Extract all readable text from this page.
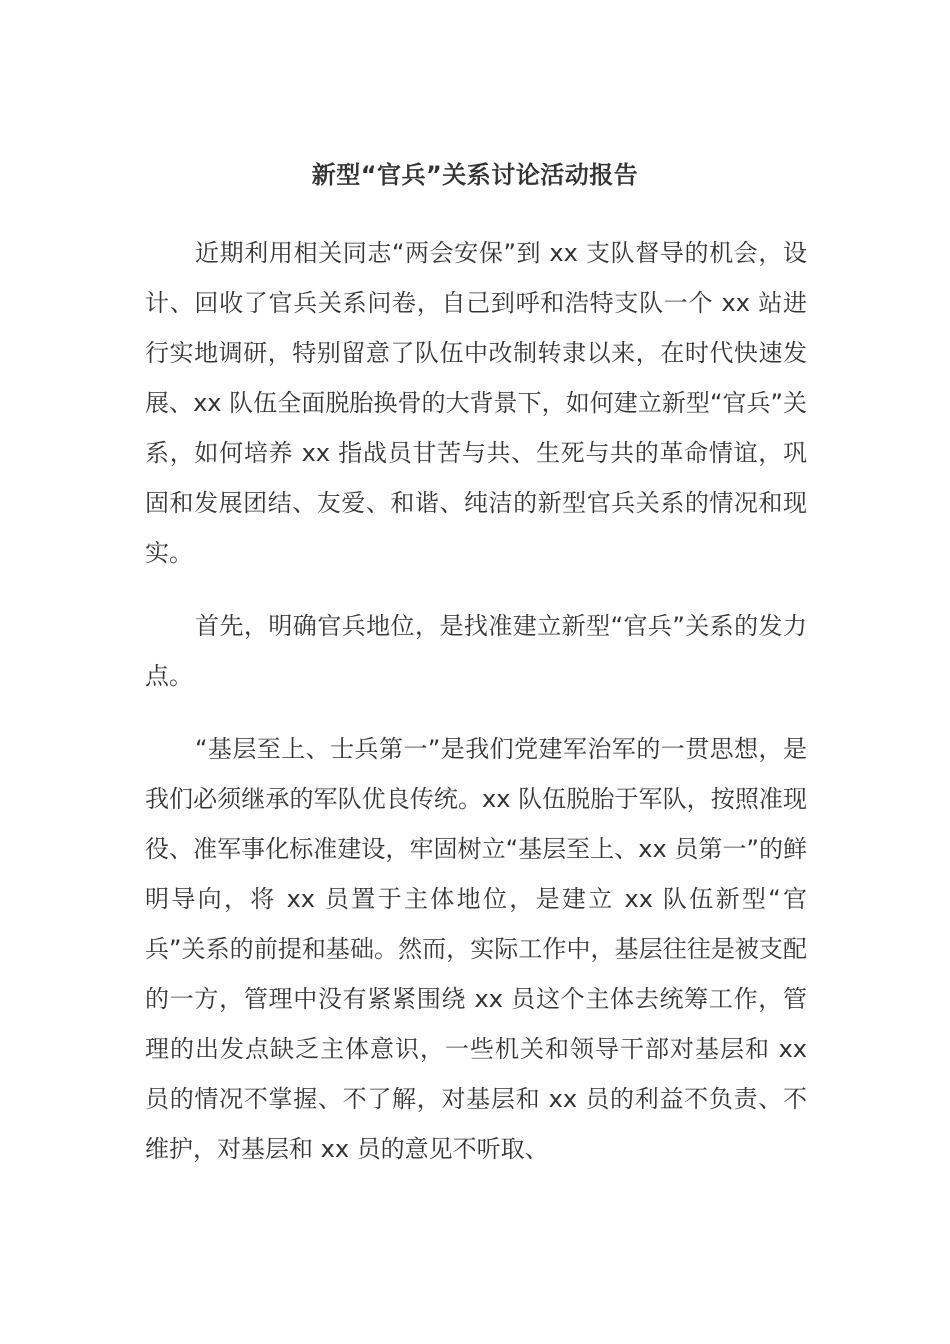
新型“官兵”关系讨论活动报告

近期利用相关同志“两会安保”到 xx 支队督导的机会，设计、回收了官兵关系问卷，自己到呼和浩特支队一个 xx 站进行实地调研，特别留意了队伍中改制转隶以来，在时代快速发展、xx 队伍全面脱胎换骨的大背景下，如何建立新型“官兵”关系，如何培养 xx 指战员甘苦与共、生死与共的革命情谊，巩固和发展团结、友爱、和谐、纯洁的新型官兵关系的情况和现实。

首先，明确官兵地位，是找准建立新型“官兵”关系的发力点。

“基层至上、士兵第一”是我们党建军治军的一贯思想，是我们必须继承的军队优良传统。xx 队伍脱胎于军队，按照准现役、准军事化标准建设，牢固树立“基层至上、xx 员第一”的鲜明导向，将 xx 员置于主体地位，是建立 xx 队伍新型“官兵”关系的前提和基础。然而，实际工作中，基层往往是被支配的一方，管理中没有紧紧围绕 xx 员这个主体去统筹工作，管理的出发点缺乏主体意识，一些机关和领导干部对基层和 xx 员的情况不掌握、不了解，对基层和 xx 员的利益不负责、不维护，对基层和 xx 员的意见不听取、
